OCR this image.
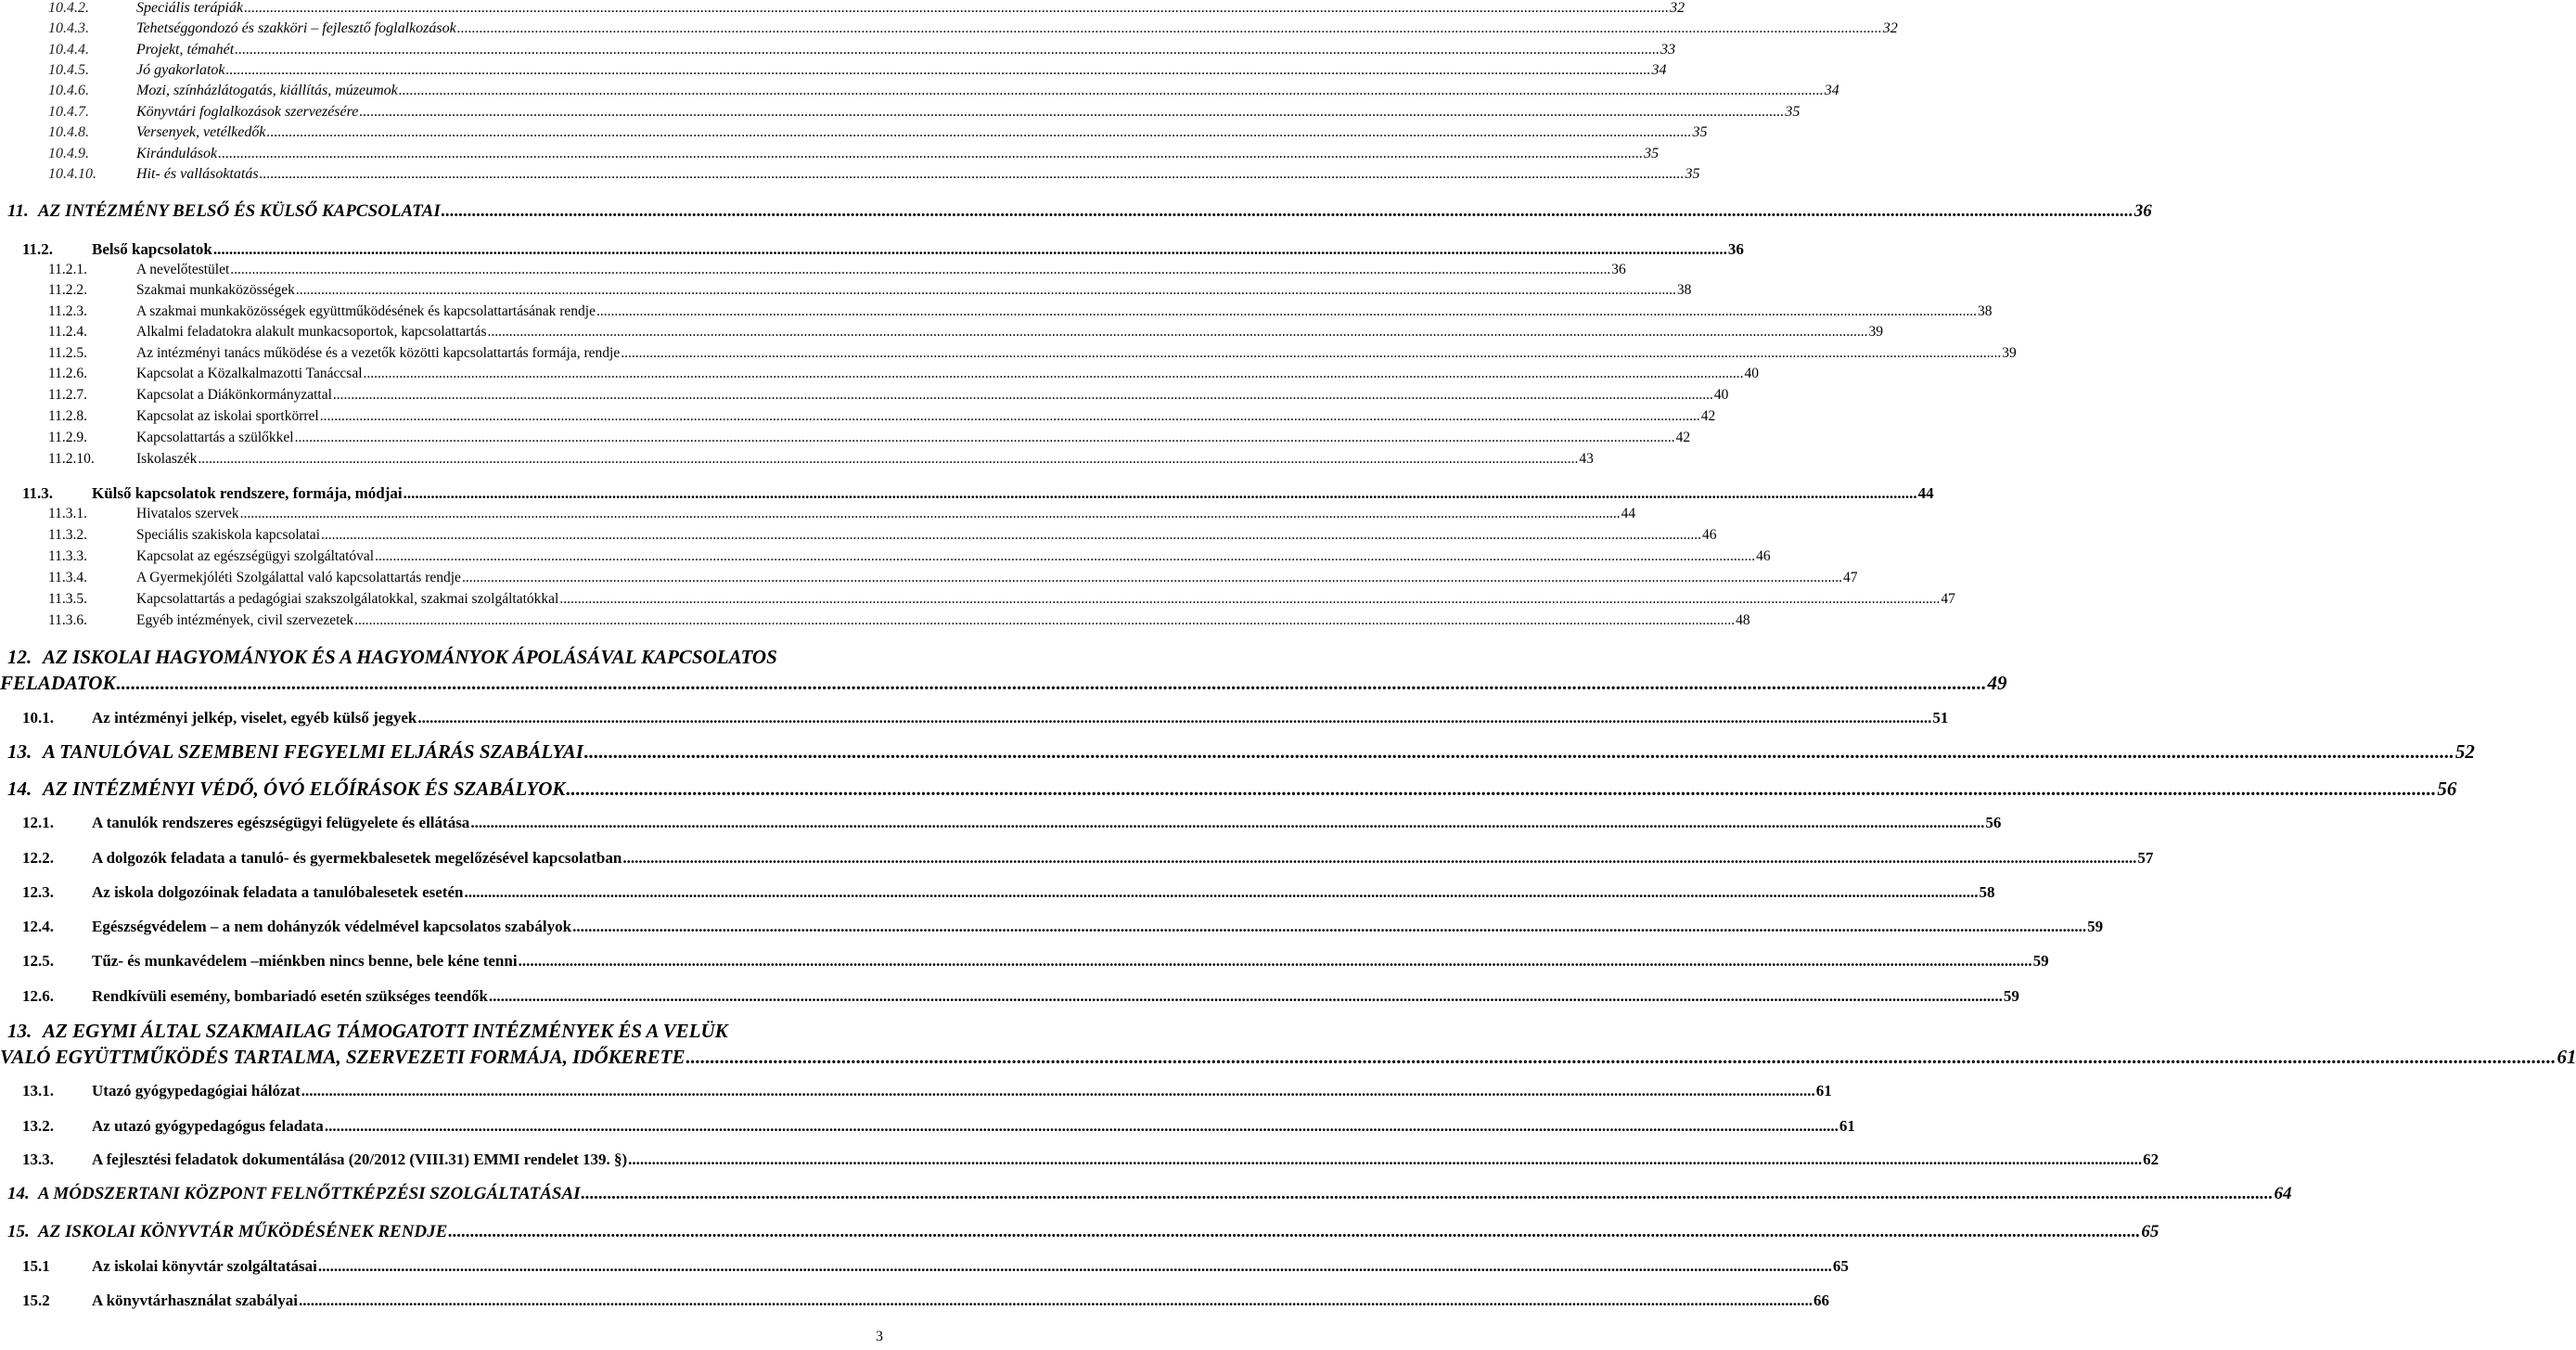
10.4.2.	Speciális terápiák .....	32
10.4.3.	Tehetséggondozó és szakköri – fejlesztő foglalkozások .....	32
10.4.4.	Projekt, témahét .....	33
10.4.5.	Jó gyakorlatok .....	34
10.4.6.	Mozi, színházlátogatás, kiállítás, múzeumok .....	34
10.4.7.	Könyvtári foglalkozások szervezésére .....	35
10.4.8.	Versenyek, vetélkedők .....	35
10.4.9.	Kirándulások .....	35
10.4.10.	Hit- és vallásoktatás .....	35
11. AZ INTÉZMÉNY BELSŐ ÉS KÜLSŐ KAPCSOLATAI .....	36
11.2.	Belső kapcsolatok .....	36
11.2.1.	A nevelőtestület .....	36
11.2.2.	Szakmai munkaközösségek .....	38
11.2.3.	A szakmai munkaközösségek együttműködésének és kapcsolattartásának rendje .....	38
11.2.4.	Alkalmi feladatokra alakult munkacsoportok, kapcsolattartás .....	39
11.2.5.	Az intézményi tanács működése és a vezetők közötti kapcsolattartás formája, rendje .....	39
11.2.6.	Kapcsolat a Közalkalmazotti Tanáccsal .....	40
11.2.7.	Kapcsolat a Diákönkormányzattal .....	40
11.2.8.	Kapcsolat az iskolai sportkörrel .....	42
11.2.9.	Kapcsolattartás a szülőkkel .....	42
11.2.10.	Iskolaszék .....	43
11.3.	Külső kapcsolatok rendszere, formája, módjai .....	44
11.3.1.	Hivatalos szervek .....	44
11.3.2.	Speciális szakiskola kapcsolatai .....	46
11.3.3.	Kapcsolat az egészségügyi szolgáltatóval .....	46
11.3.4.	A Gyermekjóléti Szolgálattal való kapcsolattartás rendje .....	47
11.3.5.	Kapcsolattartás a pedagógiai szakszolgálatokkal, szakmai szolgáltatókkal .....	47
11.3.6.	Egyéb intézmények, civil szervezetek .....	48
12. AZ ISKOLAI HAGYOMÁNYOK ÉS A HAGYOMÁNYOK ÁPOLÁSÁVAL KAPCSOLATOS
FELADATOK .....	49
10.1.	Az intézményi jelkép, viselet, egyéb külső jegyek .....	51
13. A TANULÓVAL SZEMBENI FEGYELMI ELJÁRÁS SZABÁLYAI .....	52
14. AZ INTÉZMÉNYI VÉDŐ, ÓVÓ ELŐÍRÁSOK ÉS SZABÁLYOK .....	56
12.1.	A tanulók rendszeres egészségügyi felügyelete és ellátása .....	56
12.2.	A dolgozók feladata a tanuló- és gyermekbalesetek megelőzésével kapcsolatban .....	57
12.3.	Az iskola dolgozóinak feladata a tanulóbalesetek esetén .....	58
12.4.	Egészségvédelem – a nem dohányzók védelmével kapcsolatos szabályok .....	59
12.5.	Tűz- és munkavédelem –miénkben nincs benne, bele kéne tenni .....	59
12.6.	Rendkívüli esemény, bombariadó esetén szükséges teendők .....	59
13. AZ EGYMI ÁLTAL SZAKMAILAG TÁMOGATOTT INTÉZMÉNYEK ÉS A VELÜK
VALÓ EGYÜTTMŰKÖDÉS TARTALMA, SZERVEZETI FORMÁJA, IDŐKERETE .....	61
13.1.	Utazó gyógypedagógiai hálózat .....	61
13.2.	Az utazó gyógypedagógus feladata .....	61
13.3.	A fejlesztési feladatok dokumentálása (20/2012 (VIII.31) EMMI rendelet 139. §) .....	62
14. A MÓDSZERTANI KÖZPONT FELNŐTTKÉPZÉSI SZOLGÁLTATÁSAI .....	64
15. AZ ISKOLAI KÖNYVTÁR MŰKÖDÉSÉNEK RENDJE .....	65
15.1	Az iskolai könyvtár szolgáltatásai .....	65
15.2	A könyvtárhasználat szabályai .....	66
3
